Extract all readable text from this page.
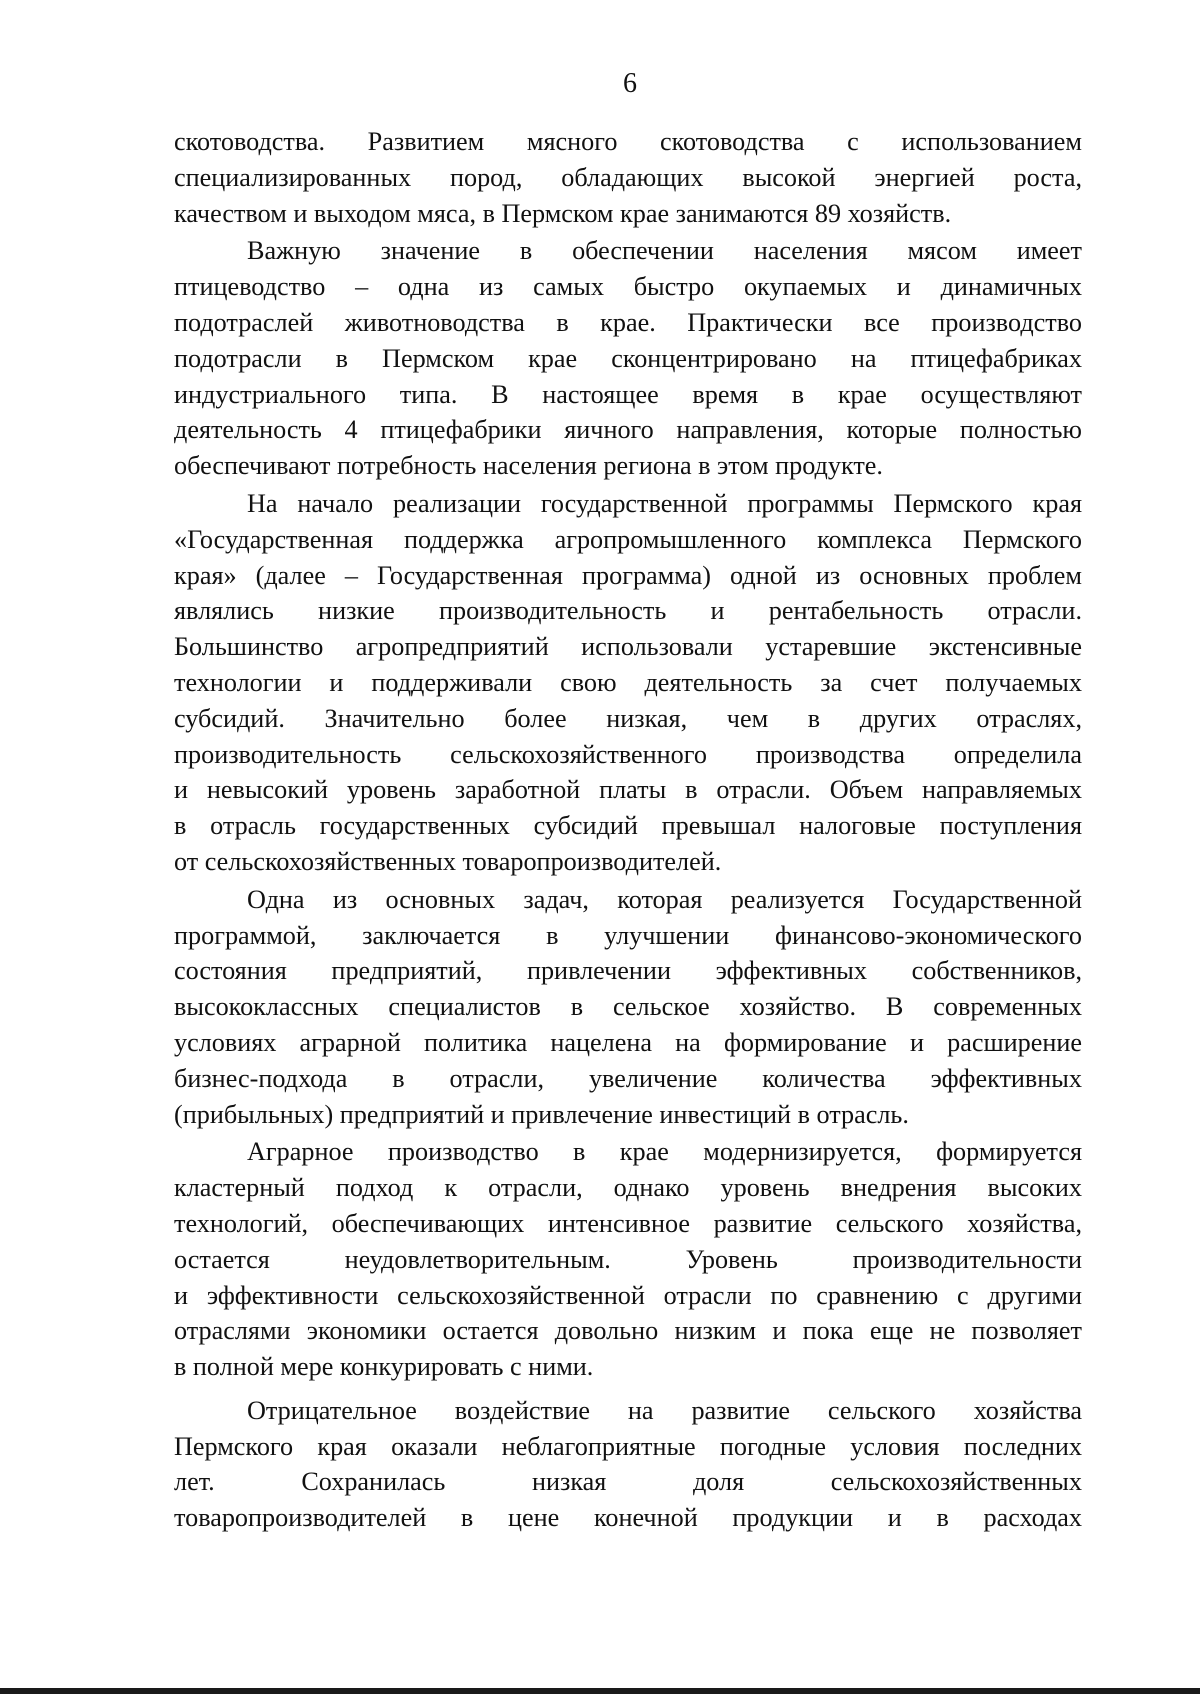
6

скотоводства. Развитием мясного скотоводства с использованием
специализированных пород, обладающих высокой энергией роста,
качеством и выходом мяса, в Пермском крае занимаются 89 хозяйств.

Важную значение в обеспечении населения мясом имеет
птицеводство – одна из самых быстро окупаемых и динамичных
подотраслей животноводства в крае. Практически все производство
подотрасли в Пермском крае сконцентрировано на птицефабриках
индустриального типа. В настоящее время в крае осуществляют
деятельность 4 птицефабрики яичного направления, которые полностью
обеспечивают потребность населения региона в этом продукте.

На начало реализации государственной программы Пермского края
«Государственная поддержка агропромышленного комплекса Пермского
края» (далее – Государственная программа) одной из основных проблем
являлись низкие производительность и рентабельность отрасли.
Большинство агропредприятий использовали устаревшие экстенсивные
технологии и поддерживали свою деятельность за счет получаемых
субсидий. Значительно более низкая, чем в других отраслях,
производительность сельскохозяйственного производства определила
и невысокий уровень заработной платы в отрасли. Объем направляемых
в отрасль государственных субсидий превышал налоговые поступления
от сельскохозяйственных товаропроизводителей.

Одна из основных задач, которая реализуется Государственной
программой, заключается в улучшении финансово-экономического
состояния предприятий, привлечении эффективных собственников,
высококлассных специалистов в сельское хозяйство. В современных
условиях аграрной политика нацелена на формирование и расширение
бизнес-подхода в отрасли, увеличение количества эффективных
(прибыльных) предприятий и привлечение инвестиций в отрасль.

Аграрное производство в крае модернизируется, формируется
кластерный подход к отрасли, однако уровень внедрения высоких
технологий, обеспечивающих интенсивное развитие сельского хозяйства,
остается неудовлетворительным. Уровень производительности
и эффективности сельскохозяйственной отрасли по сравнению с другими
отраслями экономики остается довольно низким и пока еще не позволяет
в полной мере конкурировать с ними.

Отрицательное воздействие на развитие сельского хозяйства
Пермского края оказали неблагоприятные погодные условия последних
лет. Сохранилась низкая доля сельскохозяйственных
товаропроизводителей в цене конечной продукции и в расходах
